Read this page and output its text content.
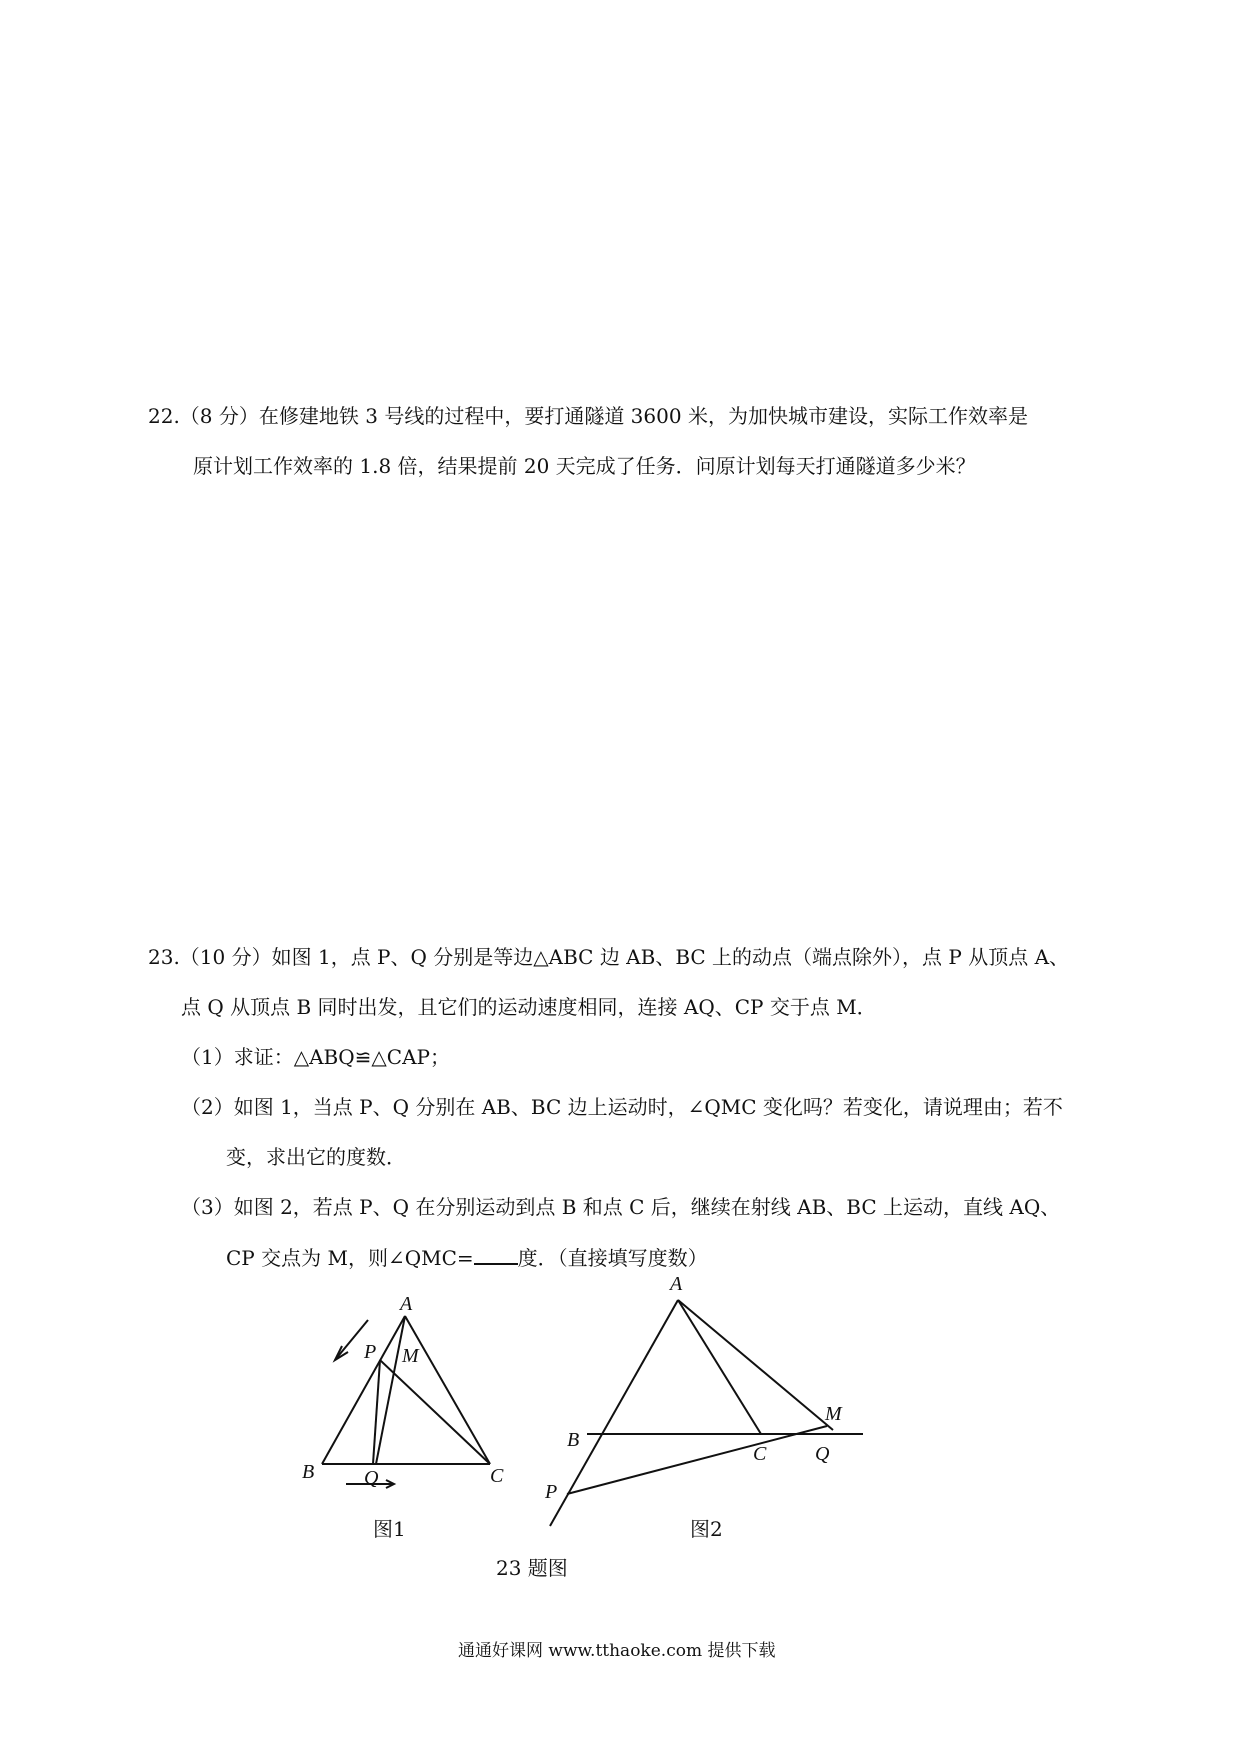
22.（8 分）在修建地铁 3 号线的过程中，要打通隧道 3600 米，为加快城市建设，实际工作效率是
原计划工作效率的 1.8 倍，结果提前 20 天完成了任务．问原计划每天打通隧道多少米？
23.（10 分）如图 1，点 P、Q 分别是等边△ABC 边 AB、BC 上的动点（端点除外），点 P 从顶点 A、
点 Q 从顶点 B 同时出发，且它们的运动速度相同，连接 AQ、CP 交于点 M．
（1）求证：△ABQ≌△CAP；
（2）如图 1，当点 P、Q 分别在 AB、BC 边上运动时，∠QMC 变化吗？若变化，请说理由；若不
变，求出它的度数．
（3）如图 2，若点 P、Q 在分别运动到点 B 和点 C 后，继续在射线 AB、BC 上运动，直线 AQ、
CP 交点为 M，则∠QMC= 度．（直接填写度数）
A
P M
B Q	C
图1
A
B
C Q
M
P
图2
23 题图
通通好课网 www.tthaoke.com 提供下载
